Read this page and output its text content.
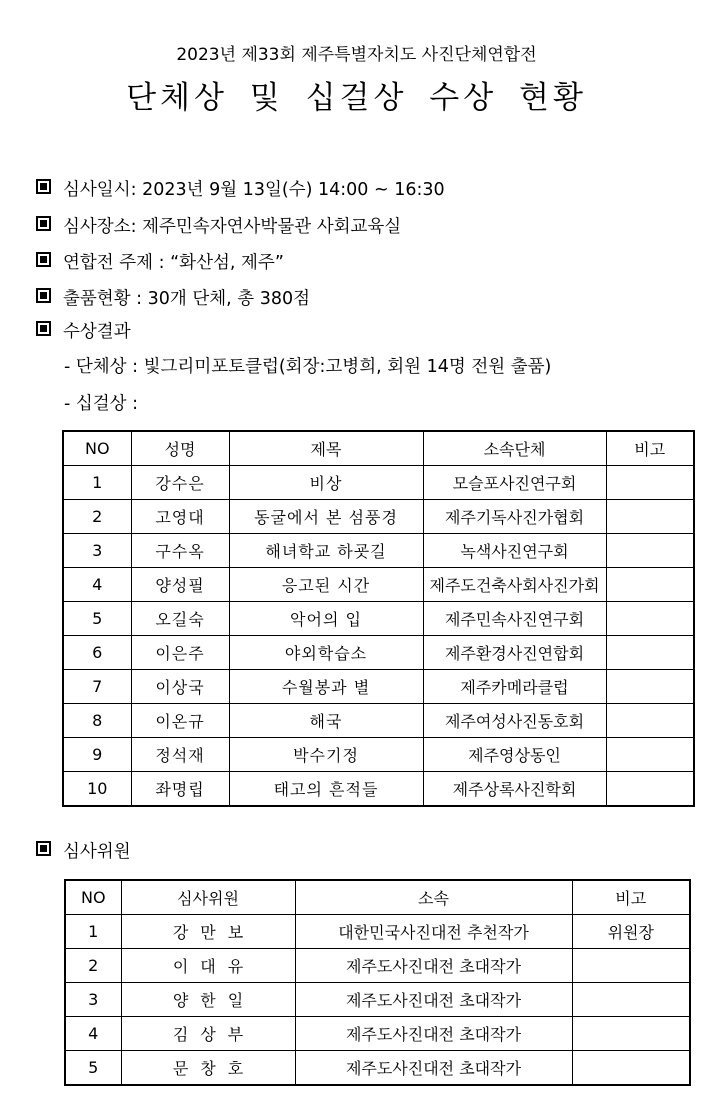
2023년 제33회 제주특별자치도 사진단체연합전
단체상 및 십걸상 수상 현황
심사일시: 2023년 9월 13일(수) 14:00 ~ 16:30
심사장소: 제주민속자연사박물관 사회교육실
연합전 주제 : “화산섬, 제주”
출품현황 : 30개 단체, 총 380점
수상결과
- 단체상 : 빛그리미포토클럽(회장:고병희, 회원 14명 전원 출품)
- 십걸상 :
NO	성명	제목	소속단체	비고
1	강수은	비상	모슬포사진연구회	
2	고영대	동굴에서 본 섬풍경	제주기독사진가협회	
3	구수옥	해녀학교 하굣길	녹색사진연구회	
4	양성필	응고된 시간	제주도건축사회사진가회	
5	오길숙	악어의 입	제주민속사진연구회	
6	이은주	야외학습소	제주환경사진연합회	
7	이상국	수월봉과 별	제주카메라클럽	
8	이온규	해국	제주여성사진동호회	
9	정석재	박수기정	제주영상동인	
10	좌명립	태고의 흔적들	제주상록사진학회	
심사위원
NO	심사위원	소속	비고
1	강만보	대한민국사진대전 추천작가	위원장
2	이대유	제주도사진대전 초대작가	
3	양한일	제주도사진대전 초대작가	
4	김상부	제주도사진대전 초대작가	
5	문창호	제주도사진대전 초대작가	
